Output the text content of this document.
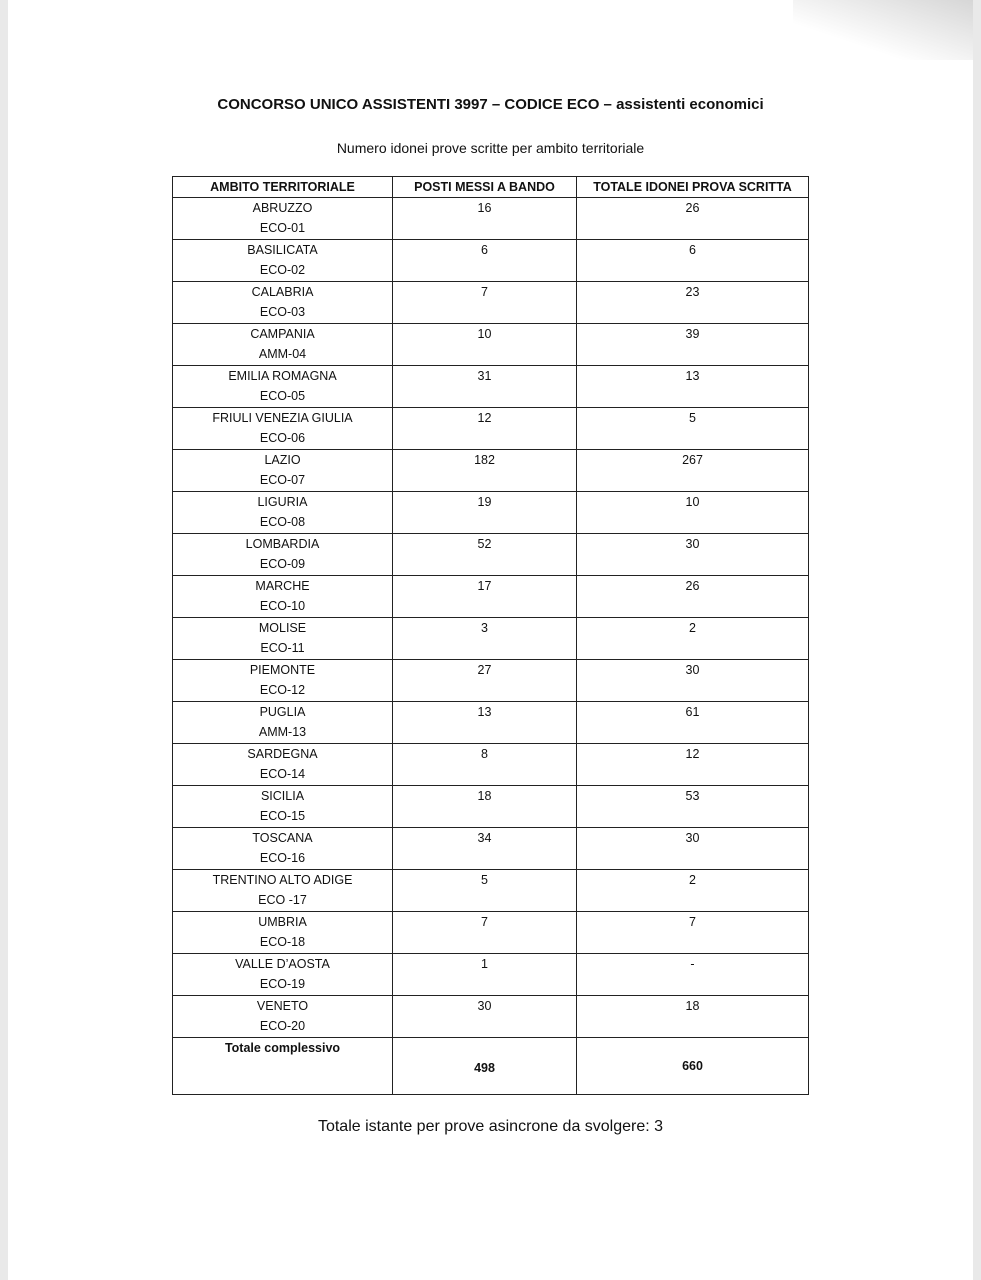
CONCORSO UNICO ASSISTENTI 3997 – CODICE ECO – assistenti economici
Numero idonei prove scritte per ambito territoriale
AMBITO TERRITORIALE	POSTI MESSI A BANDO	TOTALE IDONEI PROVA SCRITTA

ABRUZZO
ECO-01	16	26

BASILICATA
ECO-02	6	6

CALABRIA
ECO-03	7	23

CAMPANIA
AMM-04	10	39

EMILIA ROMAGNA
ECO-05	31	13

FRIULI VENEZIA GIULIA
ECO-06	12	5

LAZIO
ECO-07	182	267

LIGURIA
ECO-08	19	10

LOMBARDIA
ECO-09	52	30

MARCHE
ECO-10	17	26

MOLISE
ECO-11	3	2

PIEMONTE
ECO-12	27	30

PUGLIA
AMM-13	13	61

SARDEGNA
ECO-14	8	12

SICILIA
ECO-15	18	53

TOSCANA
ECO-16	34	30

TRENTINO ALTO ADIGE
ECO -17	5	2

UMBRIA
ECO-18	7	7

VALLE D’AOSTA
ECO-19	1	-

VENETO
ECO-20	30	18

Totale complessivo	498	660
Totale istante per prove asincrone da svolgere: 3
